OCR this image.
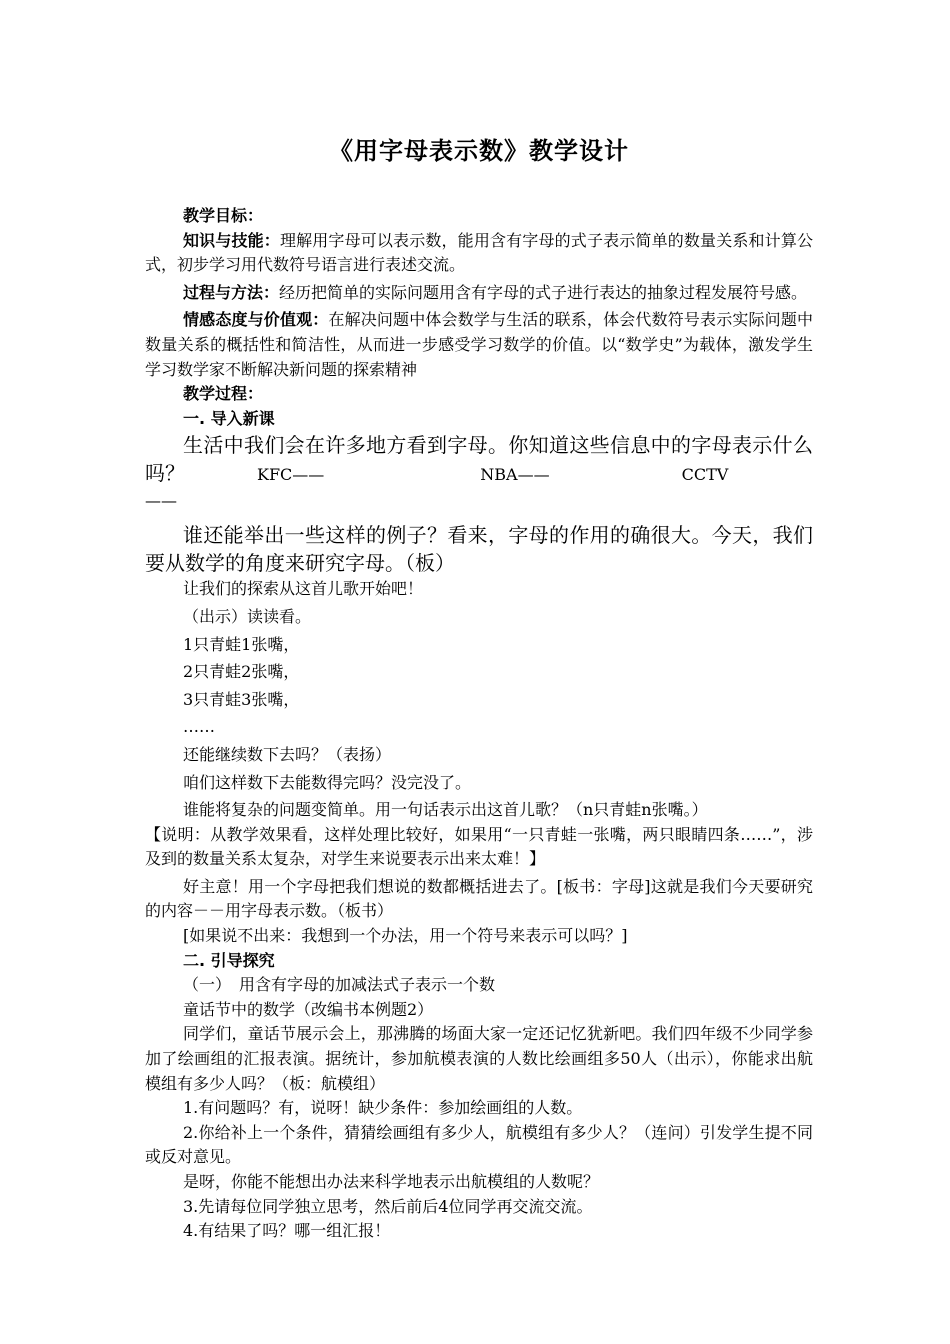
《用字母表示数》教学设计

教学目标：

知识与技能：理解用字母可以表示数，能用含有字母的式子表示简单的数量关系和计算公式，初步学习用代数符号语言进行表述交流。

过程与方法：经历把简单的实际问题用含有字母的式子进行表达的抽象过程发展符号感。

情感态度与价值观：在解决问题中体会数学与生活的联系，体会代数符号表示实际问题中数量关系的概括性和简洁性，从而进一步感受学习数学的价值。以“数学史”为载体，激发学生学习数学家不断解决新问题的探索精神

教学过程：

一. 导入新课

生活中我们会在许多地方看到字母。你知道这些信息中的字母表示什么吗？	KFC——	NBA——	CCTV

——

谁还能举出一些这样的例子？看来，字母的作用的确很大。今天，我们要从数学的角度来研究字母。（板）

让我们的探索从这首儿歌开始吧！

（出示）读读看。

1只青蛙1张嘴，

2只青蛙2张嘴，

3只青蛙3张嘴，

……

还能继续数下去吗？（表扬）

咱们这样数下去能数得完吗？没完没了。

谁能将复杂的问题变简单。用一句话表示出这首儿歌？（n只青蛙n张嘴。）

【说明：从教学效果看，这样处理比较好，如果用“一只青蛙一张嘴，两只眼睛四条……”，涉及到的数量关系太复杂，对学生来说要表示出来太难！】

好主意！用一个字母把我们想说的数都概括进去了。[板书：字母]这就是我们今天要研究的内容－－用字母表示数。（板书）

[如果说不出来：我想到一个办法，用一个符号来表示可以吗？]

二. 引导探究

（一）　用含有字母的加减法式子表示一个数

童话节中的数学（改编书本例题2）

同学们，童话节展示会上，那沸腾的场面大家一定还记忆犹新吧。我们四年级不少同学参加了绘画组的汇报表演。据统计，参加航模表演的人数比绘画组多50人（出示），你能求出航模组有多少人吗？（板：航模组）

1.有问题吗？有，说呀！缺少条件：参加绘画组的人数。

2.你给补上一个条件，猜猜绘画组有多少人，航模组有多少人？（连问）引发学生提不同或反对意见。

是呀，你能不能想出办法来科学地表示出航模组的人数呢？

3.先请每位同学独立思考，然后前后4位同学再交流交流。

4.有结果了吗？哪一组汇报！
